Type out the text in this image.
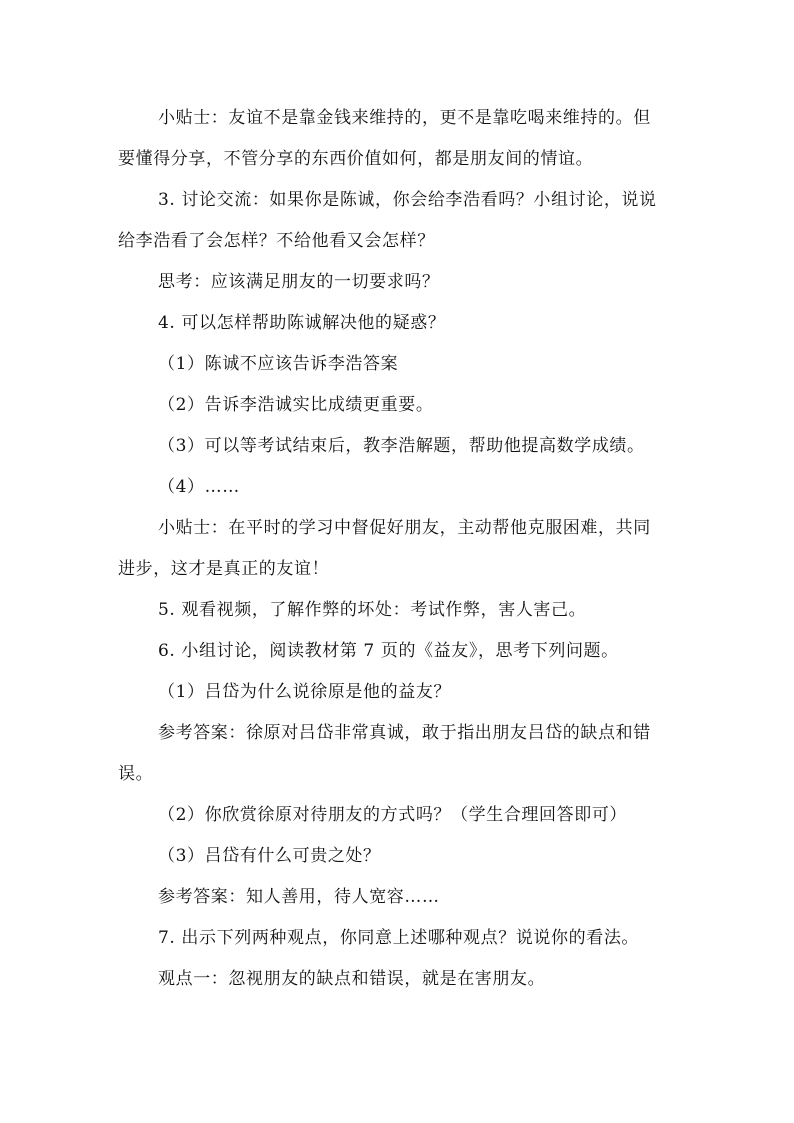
小贴士：友谊不是靠金钱来维持的，更不是靠吃喝来维持的。但
要懂得分享，不管分享的东西价值如何，都是朋友间的情谊。
3. 讨论交流：如果你是陈诚，你会给李浩看吗？小组讨论，说说
给李浩看了会怎样？不给他看又会怎样？
思考：应该满足朋友的一切要求吗？
4. 可以怎样帮助陈诚解决他的疑惑？
（1）陈诚不应该告诉李浩答案
（2）告诉李浩诚实比成绩更重要。
（3）可以等考试结束后，教李浩解题，帮助他提高数学成绩。
（4）……
小贴士：在平时的学习中督促好朋友，主动帮他克服困难，共同
进步，这才是真正的友谊！
5. 观看视频，了解作弊的坏处：考试作弊，害人害己。
6. 小组讨论，阅读教材第 7 页的《益友》，思考下列问题。
（1）吕岱为什么说徐原是他的益友？
参考答案：徐原对吕岱非常真诚，敢于指出朋友吕岱的缺点和错
误。
（2）你欣赏徐原对待朋友的方式吗？（学生合理回答即可）
（3）吕岱有什么可贵之处？
参考答案：知人善用，待人宽容……
7. 出示下列两种观点，你同意上述哪种观点？说说你的看法。
观点一：忽视朋友的缺点和错误，就是在害朋友。
